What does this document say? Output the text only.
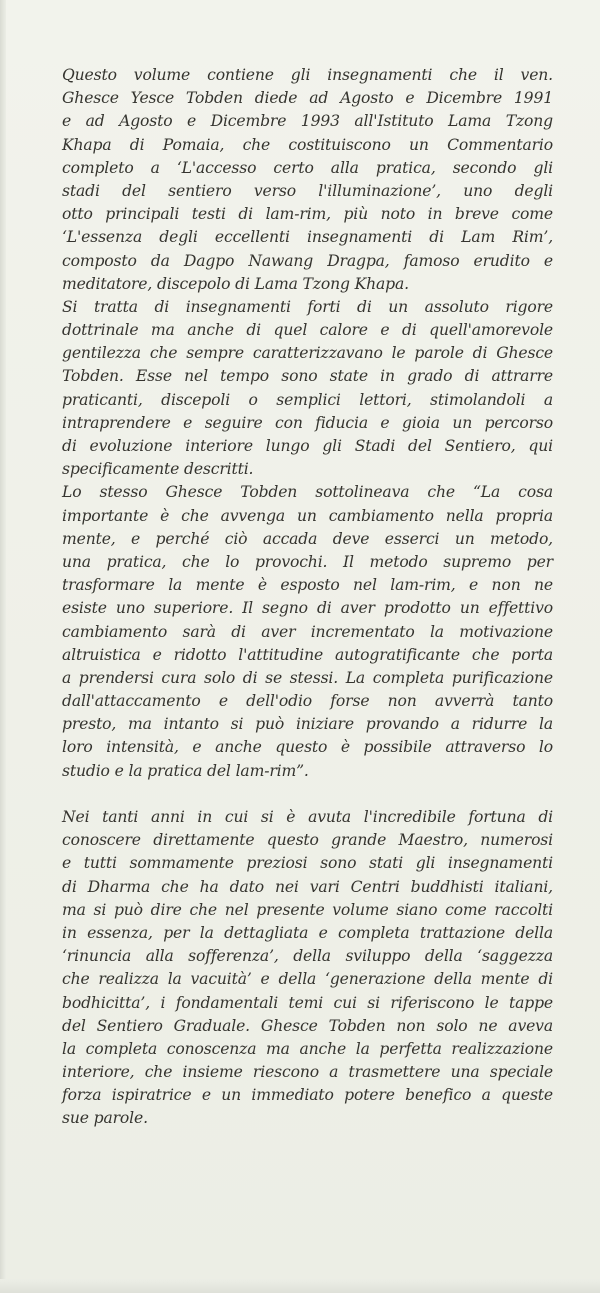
Questo volume contiene gli insegnamenti che il ven.
Ghesce Yesce Tobden diede ad Agosto e Dicembre 1991
e ad Agosto e Dicembre 1993 all'Istituto Lama Tzong
Khapa di Pomaia, che costituiscono un Commentario
completo a ‘L'accesso certo alla pratica, secondo gli
stadi del sentiero verso l'illuminazione’, uno degli
otto principali testi di lam-rim, più noto in breve come
‘L'essenza degli eccellenti insegnamenti di Lam Rim’,
composto da Dagpo Nawang Dragpa, famoso erudito e
meditatore, discepolo di Lama Tzong Khapa.
Si tratta di insegnamenti forti di un assoluto rigore
dottrinale ma anche di quel calore e di quell'amorevole
gentilezza che sempre caratterizzavano le parole di Ghesce
Tobden. Esse nel tempo sono state in grado di attrarre
praticanti, discepoli o semplici lettori, stimolandoli a
intraprendere e seguire con fiducia e gioia un percorso
di evoluzione interiore lungo gli Stadi del Sentiero, qui
specificamente descritti.
Lo stesso Ghesce Tobden sottolineava che “La cosa
importante è che avvenga un cambiamento nella propria
mente, e perché ciò accada deve esserci un metodo,
una pratica, che lo provochi. Il metodo supremo per
trasformare la mente è esposto nel lam-rim, e non ne
esiste uno superiore. Il segno di aver prodotto un effettivo
cambiamento sarà di aver incrementato la motivazione
altruistica e ridotto l'attitudine autogratificante che porta
a prendersi cura solo di se stessi. La completa purificazione
dall'attaccamento e dell'odio forse non avverrà tanto
presto, ma intanto si può iniziare provando a ridurre la
loro intensità, e anche questo è possibile attraverso lo
studio e la pratica del lam-rim”.
Nei tanti anni in cui si è avuta l'incredibile fortuna di
conoscere direttamente questo grande Maestro, numerosi
e tutti sommamente preziosi sono stati gli insegnamenti
di Dharma che ha dato nei vari Centri buddhisti italiani,
ma si può dire che nel presente volume siano come raccolti
in essenza, per la dettagliata e completa trattazione della
‘rinuncia alla sofferenza’, della sviluppo della ‘saggezza
che realizza la vacuità’ e della ‘generazione della mente di
bodhicitta’, i fondamentali temi cui si riferiscono le tappe
del Sentiero Graduale. Ghesce Tobden non solo ne aveva
la completa conoscenza ma anche la perfetta realizzazione
interiore, che insieme riescono a trasmettere una speciale
forza ispiratrice e un immediato potere benefico a queste
sue parole.
